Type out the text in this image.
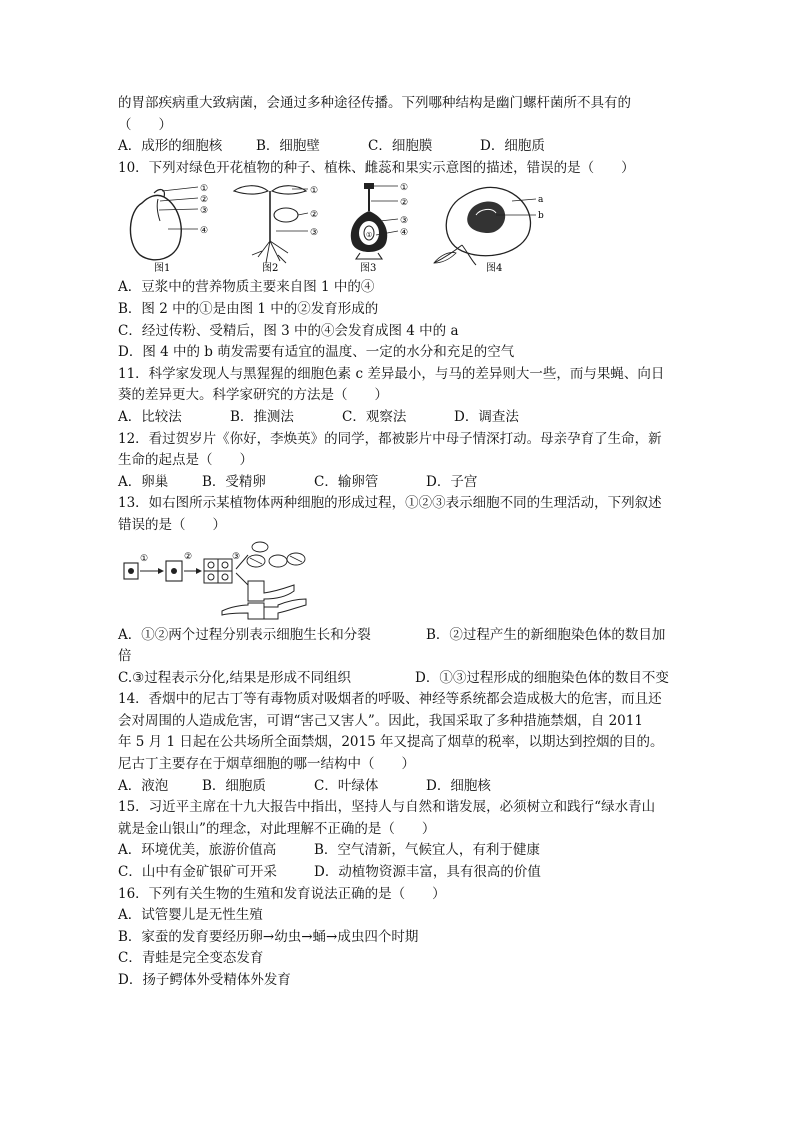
的胃部疾病重大致病菌，会通过多种途径传播。下列哪种结构是幽门螺杆菌所不具有的
（　　）
A．成形的细胞核	B．细胞壁	C．细胞膜	D．细胞质
10．下列对绿色开花植物的种子、植株、雌蕊和果实示意图的描述，错误的是（　　）
①
②
③
④
图1
①
②
③
图2
①
①
②
③
④
图3
a
b
图4
A．豆浆中的营养物质主要来自图 1 中的④
B．图 2 中的①是由图 1 中的②发育形成的
C．经过传粉、受精后，图 3 中的④会发育成图 4 中的 a
D．图 4 中的 b 萌发需要有适宜的温度、一定的水分和充足的空气
11．科学家发现人与黑猩猩的细胞色素 c 差异最小，与马的差异则大一些，而与果蝇、向日
葵的差异更大。科学家研究的方法是（　　）
A．比较法	B．推测法	C．观察法	D．调查法
12．看过贺岁片《你好，李焕英》的同学，都被影片中母子情深打动。母亲孕育了生命，新
生命的起点是（　　）
A．卵巢	B．受精卵	C．输卵管	D．子宫
13．如右图所示某植物体两种细胞的形成过程，①②③表示细胞不同的生理活动，下列叙述
错误的是（　　）
①	②	③
A．①②两个过程分别表示细胞生长和分裂	B．②过程产生的新细胞染色体的数目加
倍
C.③过程表示分化,结果是形成不同组织	D．①③过程形成的细胞染色体的数目不变
14．香烟中的尼古丁等有毒物质对吸烟者的呼吸、神经等系统都会造成极大的危害，而且还
会对周围的人造成危害，可谓“害己又害人”。因此，我国采取了多种措施禁烟，自 2011
年 5 月 1 日起在公共场所全面禁烟，2015 年又提高了烟草的税率，以期达到控烟的目的。
尼古丁主要存在于烟草细胞的哪一结构中（　　）
A．液泡	B．细胞质	C．叶绿体	D．细胞核
15．习近平主席在十九大报告中指出，坚持人与自然和谐发展，必须树立和践行“绿水青山
就是金山银山”的理念，对此理解不正确的是（　　）
A．环境优美，旅游价值高	B．空气清新，气候宜人，有利于健康
C．山中有金矿银矿可开采	D．动植物资源丰富，具有很高的价值
16．下列有关生物的生殖和发育说法正确的是（　　）
A．试管婴儿是无性生殖
B．家蚕的发育要经历卵→幼虫→蛹→成虫四个时期
C．青蛙是完全变态发育
D．扬子鳄体外受精体外发育
